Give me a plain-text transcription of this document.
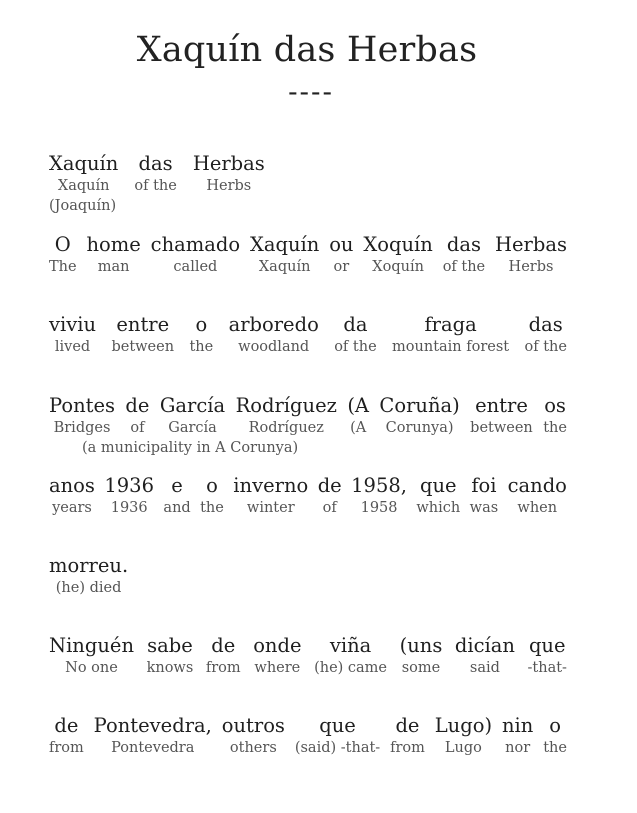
Xaquín das Herbas
----
Xaquín
Xaquín
das
of the
Herbas
Herbs
(Joaquín)
O
The
home
man
chamado
called
Xaquín
Xaquín
ou
or
Xoquín
Xoquín
das
of the
Herbas
Herbs
viviu
lived
entre
between
o
the
arboredo
woodland
da
of the
fraga
mountain forest
das
of the
Pontes
Bridges
de
of
García
García
Rodríguez
Rodríguez
(A
(A
Coruña)
Corunya)
entre
between
os
the
(a municipality in A Corunya)
anos
years
1936
1936
e
and
o
the
inverno
winter
de
of
1958,
1958
que
which
foi
was
cando
when
morreu.
(he) died
Ninguén
No one
sabe
knows
de
from
onde
where
viña
(he) came
(uns
some
dicían
said
que
-that-
de
from
Pontevedra,
Pontevedra
outros
others
que
(said) -that-
de
from
Lugo)
Lugo
nin
nor
o
the
